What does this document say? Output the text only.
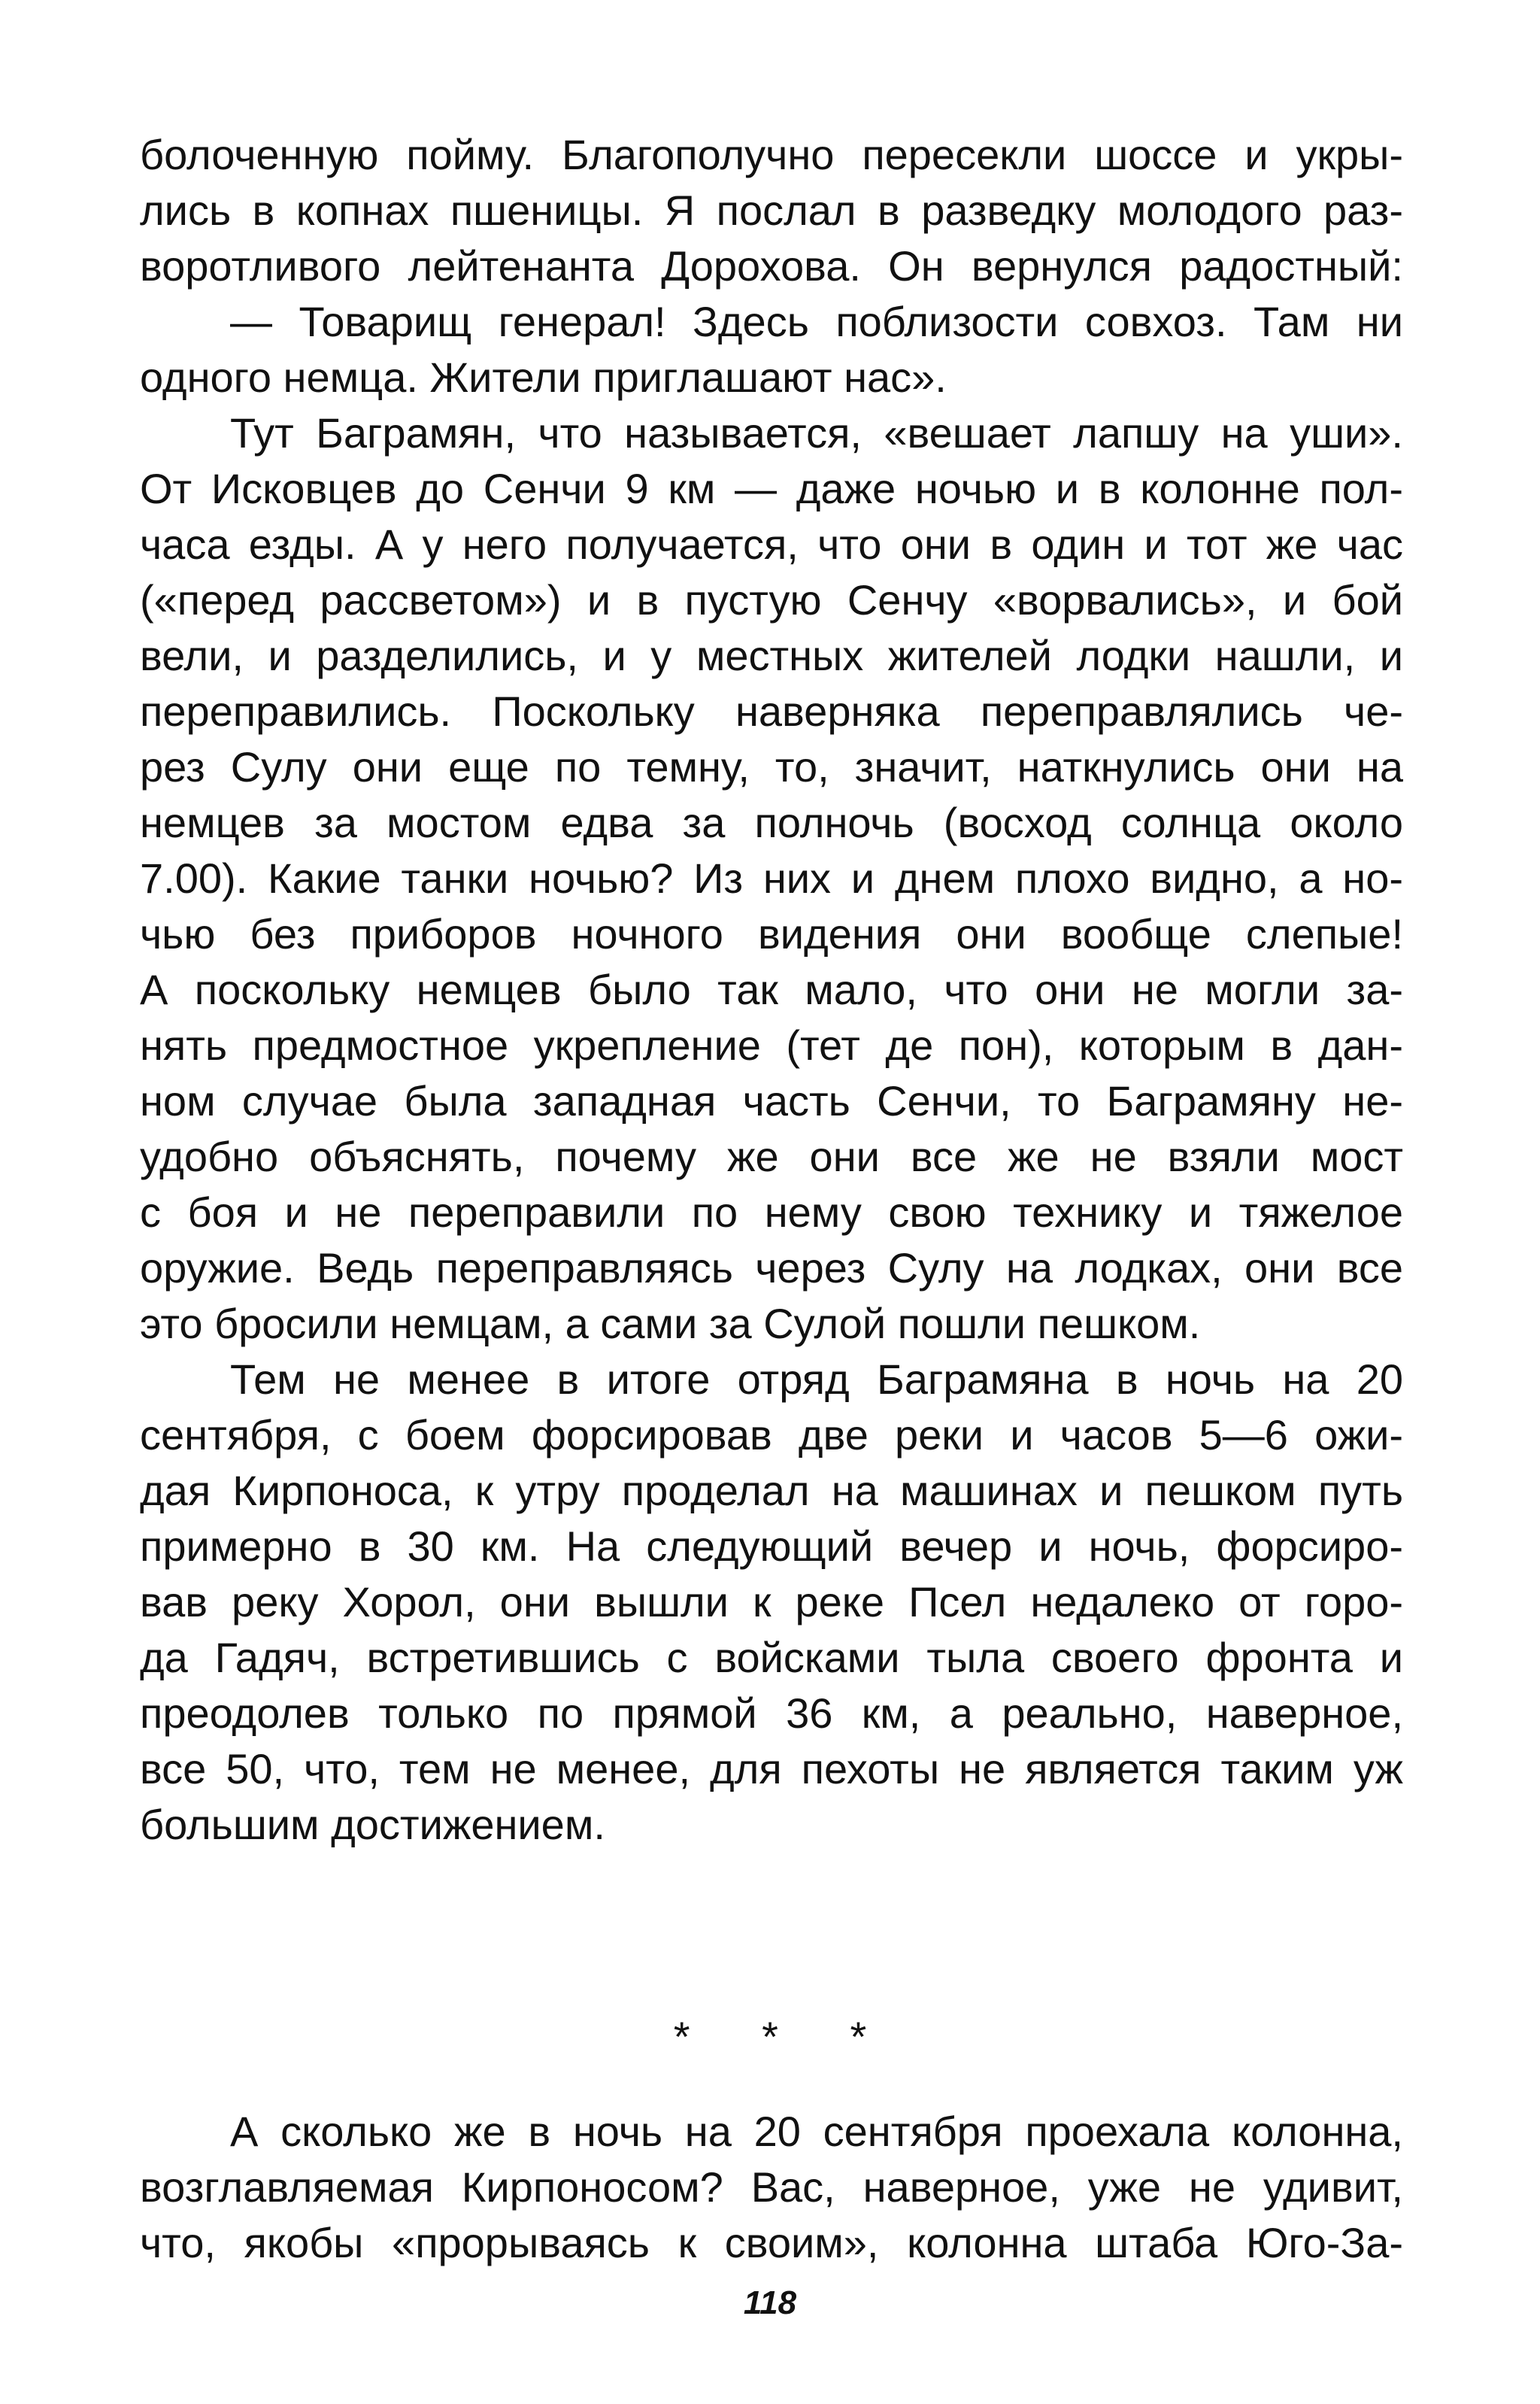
болоченную пойму. Благополучно пересекли шоссе и укры-
лись в копнах пшеницы. Я послал в разведку молодого раз-
воротливого лейтенанта Дорохова. Он вернулся радостный:
— Товарищ генерал! Здесь поблизости совхоз. Там ни
одного немца. Жители приглашают нас».
Тут Баграмян, что называется, «вешает лапшу на уши».
От Исковцев до Сенчи 9 км — даже ночью и в колонне пол-
часа езды. А у него получается, что они в один и тот же час
(«перед рассветом») и в пустую Сенчу «ворвались», и бой
вели, и разделились, и у местных жителей лодки нашли, и
переправились. Поскольку наверняка переправлялись че-
рез Сулу они еще по темну, то, значит, наткнулись они на
немцев за мостом едва за полночь (восход солнца около
7.00). Какие танки ночью? Из них и днем плохо видно, а но-
чью без приборов ночного видения они вообще слепые!
А поскольку немцев было так мало, что они не могли за-
нять предмостное укрепление (тет де пон), которым в дан-
ном случае была западная часть Сенчи, то Баграмяну не-
удобно объяснять, почему же они все же не взяли мост
с боя и не переправили по нему свою технику и тяжелое
оружие. Ведь переправляясь через Сулу на лодках, они все
это бросили немцам, а сами за Сулой пошли пешком.
Тем не менее в итоге отряд Баграмяна в ночь на 20
сентября, с боем форсировав две реки и часов 5—6 ожи-
дая Кирпоноса, к утру проделал на машинах и пешком путь
примерно в 30 км. На следующий вечер и ночь, форсиро-
вав реку Хорол, они вышли к реке Псел недалеко от горо-
да Гадяч, встретившись с войсками тыла своего фронта и
преодолев только по прямой 36 км, а реально, наверное,
все 50, что, тем не менее, для пехоты не является таким уж
большим достижением.
* * *
А сколько же в ночь на 20 сентября проехала колонна,
возглавляемая Кирпоносом? Вас, наверное, уже не удивит,
что, якобы «прорываясь к своим», колонна штаба Юго-За-
118
